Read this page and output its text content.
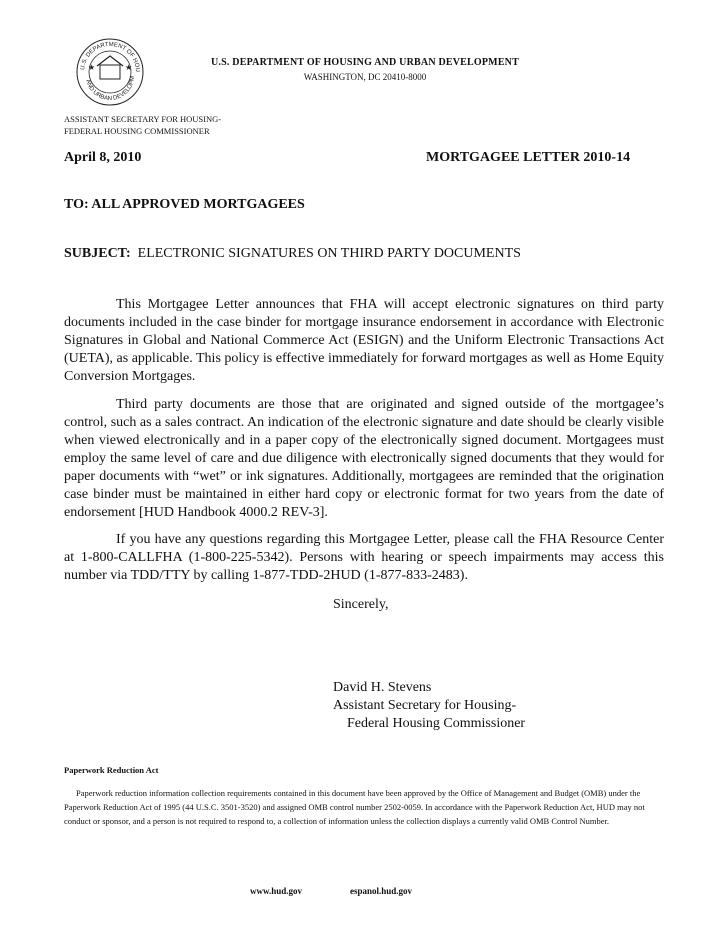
U.S. DEPARTMENT OF HOU
AND URBAN DEVELOPM
★	★	U.S. DEPARTMENT OF HOUSING AND URBAN DEVELOPMENT
WASHINGTON, DC 20410-8000
ASSISTANT SECRETARY FOR HOUSING-
FEDERAL HOUSING COMMISSIONER
April 8, 2010	MORTGAGEE LETTER 2010-14
TO: ALL APPROVED MORTGAGEES
SUBJECT: ELECTRONIC SIGNATURES ON THIRD PARTY DOCUMENTS

This Mortgagee Letter announces that FHA will accept electronic signatures on third party documents included in the case binder for mortgage insurance endorsement in accordance with Electronic Signatures in Global and National Commerce Act (ESIGN) and the Uniform Electronic Transactions Act (UETA), as applicable. This policy is effective immediately for forward mortgages as well as Home Equity Conversion Mortgages.

Third party documents are those that are originated and signed outside of the mortgagee’s control, such as a sales contract. An indication of the electronic signature and date should be clearly visible when viewed electronically and in a paper copy of the electronically signed document. Mortgagees must employ the same level of care and due diligence with electronically signed documents that they would for paper documents with “wet” or ink signatures. Additionally, mortgagees are reminded that the origination case binder must be maintained in either hard copy or electronic format for two years from the date of endorsement [HUD Handbook 4000.2 REV-3].

If you have any questions regarding this Mortgagee Letter, please call the FHA Resource Center at 1-800-CALLFHA (1-800-225-5342). Persons with hearing or speech impairments may access this number via TDD/TTY by calling 1-877-TDD-2HUD (1-877-833-2483).

Sincerely,
David H. Stevens
Assistant Secretary for Housing-
Federal Housing Commissioner
Paperwork Reduction Act

Paperwork reduction information collection requirements contained in this document have been approved by the Office of Management and Budget (OMB) under the Paperwork Reduction Act of 1995 (44 U.S.C. 3501-3520) and assigned OMB control number 2502-0059. In accordance with the Paperwork Reduction Act, HUD may not conduct or sponsor, and a person is not required to respond to, a collection of information unless the collection displays a currently valid OMB Control Number.

www.hud.gov	espanol.hud.gov
